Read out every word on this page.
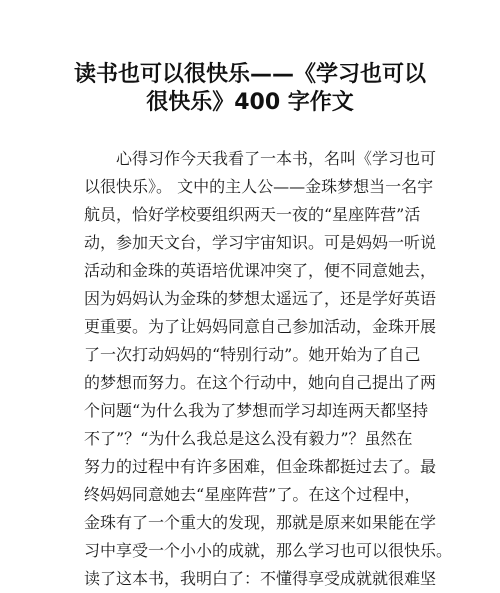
读书也可以很快乐——《学习也可以
很快乐》400 字作文
心得习作今天我看了一本书，名叫《学习也可
以很快乐》。 文中的主人公——金珠梦想当一名宇
航员，恰好学校要组织两天一夜的“星座阵营”活
动，参加天文台，学习宇宙知识。可是妈妈一听说
活动和金珠的英语培优课冲突了，便不同意她去，
因为妈妈认为金珠的梦想太遥远了，还是学好英语
更重要。为了让妈妈同意自己参加活动，金珠开展
了一次打动妈妈的“特别行动”。她开始为了自己
的梦想而努力。在这个行动中，她向自己提出了两
个问题“为什么我为了梦想而学习却连两天都坚持
不了”？“为什么我总是这么没有毅力”？虽然在
努力的过程中有许多困难，但金珠都挺过去了。最
终妈妈同意她去“星座阵营”了。在这个过程中，
金珠有了一个重大的发现，那就是原来如果能在学
习中享受一个小小的成就，那么学习也可以很快乐。
读了这本书，我明白了：不懂得享受成就就很难坚
